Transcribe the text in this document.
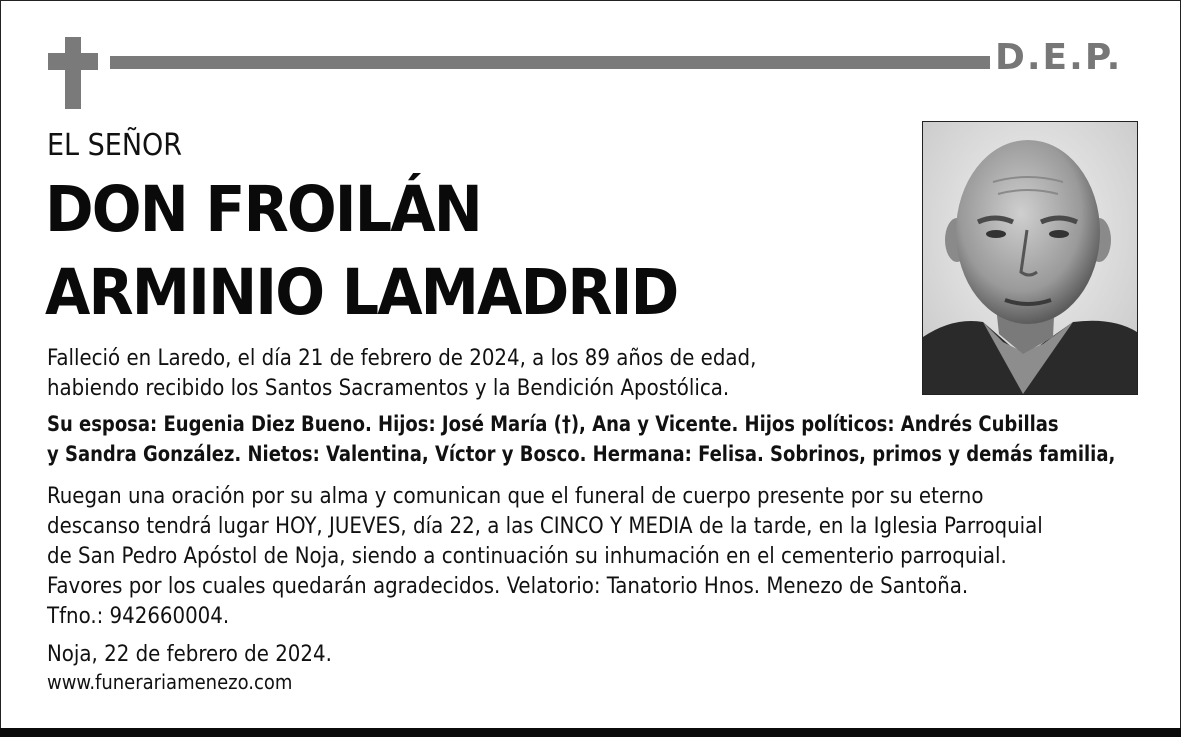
D.E.P.
EL SEÑOR
DON FROILÁN
ARMINIO LAMADRID
Falleció en Laredo, el día 21 de febrero de 2024, a los 89 años de edad,
habiendo recibido los Santos Sacramentos y la Bendición Apostólica.
Su esposa: Eugenia Diez Bueno. Hijos: José María (†), Ana y Vicente. Hijos políticos: Andrés Cubillas
y Sandra González. Nietos: Valentina, Víctor y Bosco. Hermana: Felisa. Sobrinos, primos y demás familia,
Ruegan una oración por su alma y comunican que el funeral de cuerpo presente por su eterno
descanso tendrá lugar HOY, JUEVES, día 22, a las CINCO Y MEDIA de la tarde, en la Iglesia Parroquial
de San Pedro Apóstol de Noja, siendo a continuación su inhumación en el cementerio parroquial.
Favores por los cuales quedarán agradecidos. Velatorio: Tanatorio Hnos. Menezo de Santoña.
Tfno.: 942660004.
Noja, 22 de febrero de 2024.
www.funerariamenezo.com
